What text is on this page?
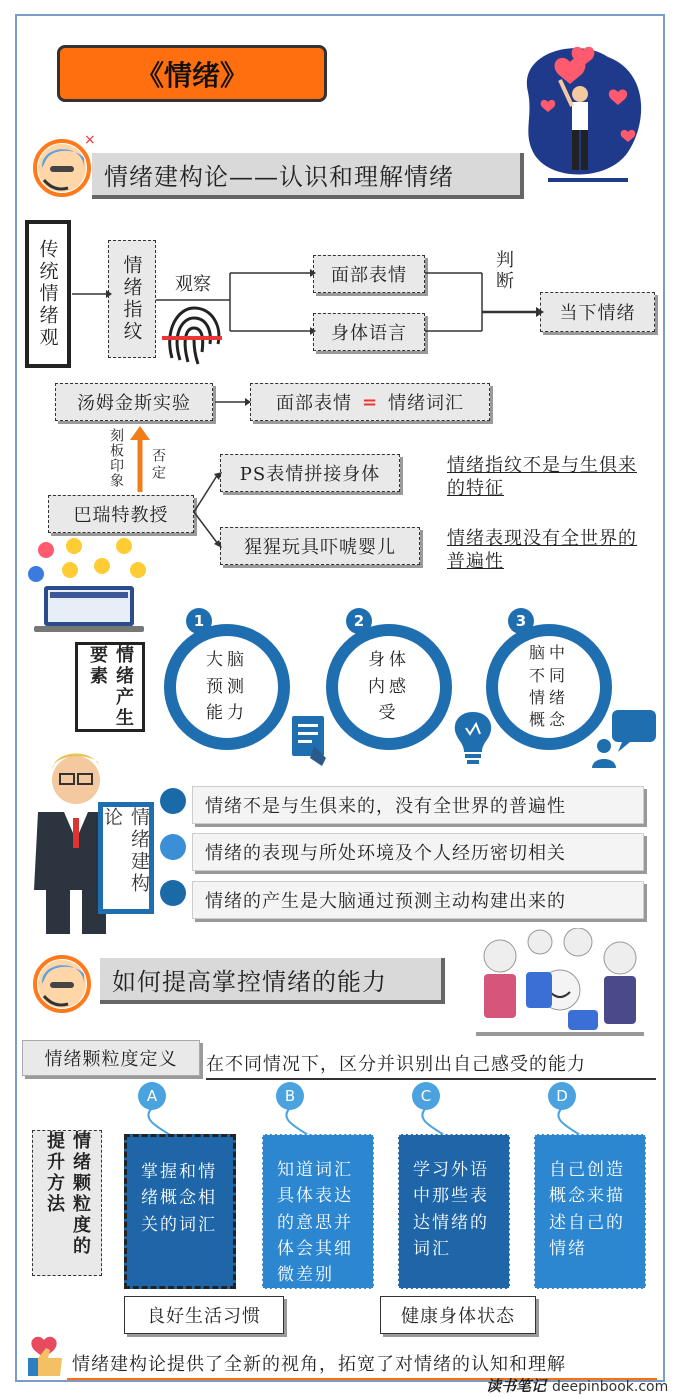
《情绪》
×
情绪建构论——认识和理解情绪
传统情绪观	情绪指纹	观察	面部表情
身体语言
判断
当下情绪
汤姆金斯实验	面部表情 = 情绪词汇
刻板印象 否定
巴瑞特教授
PS表情拼接身体
猩猩玩具吓唬婴儿
情绪指纹不是与生俱来的特征
情绪表现没有全世界的普遍性
情绪产生要素	大脑预测能力
1
身体内感受
2
脑中不同情绪概念
3
情绪建构论
情绪不是与生俱来的，没有全世界的普遍性
情绪的表现与所处环境及个人经历密切相关
情绪的产生是大脑通过预测主动构建出来的
如何提高掌控情绪的能力
情绪颗粒度定义	在不同情况下，区分并识别出自己感受的能力
情绪颗粒度的提升方法
A	B	C	D
掌握和情绪概念相关的词汇
知道词汇具体表达的意思并体会其细微差别
学习外语中那些表达情绪的词汇
自己创造概念来描述自己的情绪
良好生活习惯	健康身体状态
情绪建构论提供了全新的视角，拓宽了对情绪的认知和理解
读书笔记 deepinbook.com
